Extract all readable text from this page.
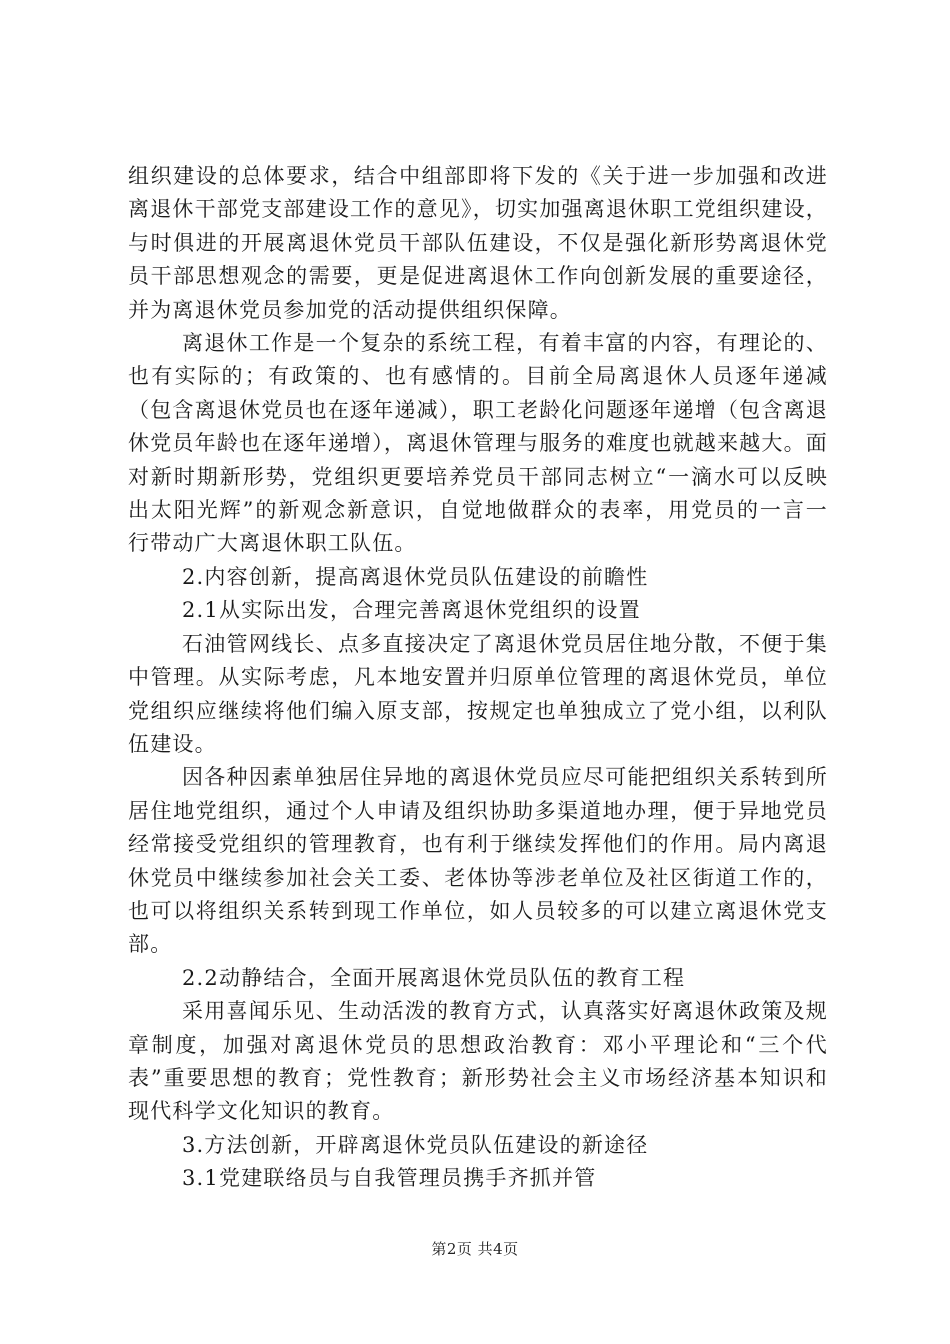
组织建设的总体要求，结合中组部即将下发的《关于进一步加强和改进离退休干部党支部建设工作的意见》，切实加强离退休职工党组织建设，与时俱进的开展离退休党员干部队伍建设，不仅是强化新形势离退休党员干部思想观念的需要，更是促进离退休工作向创新发展的重要途径，并为离退休党员参加党的活动提供组织保障。

离退休工作是一个复杂的系统工程，有着丰富的内容，有理论的、也有实际的；有政策的、也有感情的。目前全局离退休人员逐年递减（包含离退休党员也在逐年递减），职工老龄化问题逐年递增（包含离退休党员年龄也在逐年递增），离退休管理与服务的难度也就越来越大。面对新时期新形势，党组织更要培养党员干部同志树立“一滴水可以反映出太阳光辉”的新观念新意识，自觉地做群众的表率，用党员的一言一行带动广大离退休职工队伍。

2.内容创新，提高离退休党员队伍建设的前瞻性

2.1从实际出发，合理完善离退休党组织的设置

石油管网线长、点多直接决定了离退休党员居住地分散，不便于集中管理。从实际考虑，凡本地安置并归原单位管理的离退休党员，单位党组织应继续将他们编入原支部，按规定也单独成立了党小组，以利队伍建设。

因各种因素单独居住异地的离退休党员应尽可能把组织关系转到所居住地党组织，通过个人申请及组织协助多渠道地办理，便于异地党员经常接受党组织的管理教育，也有利于继续发挥他们的作用。局内离退休党员中继续参加社会关工委、老体协等涉老单位及社区街道工作的，也可以将组织关系转到现工作单位，如人员较多的可以建立离退休党支部。

2.2动静结合，全面开展离退休党员队伍的教育工程

采用喜闻乐见、生动活泼的教育方式，认真落实好离退休政策及规章制度，加强对离退休党员的思想政治教育：邓小平理论和“三个代表”重要思想的教育；党性教育；新形势社会主义市场经济基本知识和现代科学文化知识的教育。

3.方法创新，开辟离退休党员队伍建设的新途径

3.1党建联络员与自我管理员携手齐抓并管

第2页 共4页
